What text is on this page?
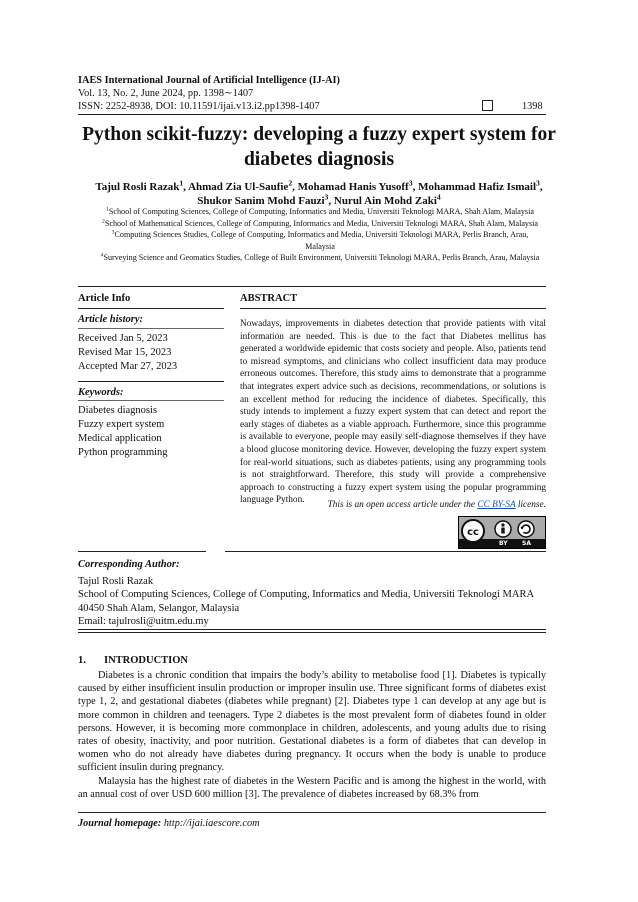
IAES International Journal of Artificial Intelligence (IJ-AI)
Vol. 13, No. 2, June 2024, pp. 1398∼1407
ISSN: 2252-8938, DOI: 10.11591/ijai.v13.i2.pp1398-1407	1398
Python scikit-fuzzy: developing a fuzzy expert system for diabetes diagnosis
Tajul Rosli Razak$^1$, Ahmad Zia Ul-Saufie$^2$, Mohamad Hanis Yusoff$^3$, Mohammad Hafiz Ismail$^3$,
Shukor Sanim Mohd Fauzi$^3$, Nurul Ain Mohd Zaki$^4$
$^1$School of Computing Sciences, College of Computing, Informatics and Media, Universiti Teknologi MARA, Shah Alam, Malaysia
$^2$School of Mathematical Sciences, College of Computing, Informatics and Media, Universiti Teknologi MARA, Shah Alam, Malaysia
$^3$Computing Sciences Studies, College of Computing, Informatics and Media, Universiti Teknologi MARA, Perlis Branch, Arau, Malaysia
$^4$Surveying Science and Geomatics Studies, College of Built Environment, Universiti Teknologi MARA, Perlis Branch, Arau, Malaysia
Article Info	ABSTRACT
Article history:
Received Jan 5, 2023
Revised Mar 15, 2023
Accepted Mar 27, 2023
Keywords:
Diabetes diagnosis
Fuzzy expert system
Medical application
Python programming
Nowadays, improvements in diabetes detection that provide patients with vital information are needed. This is due to the fact that Diabetes mellitus has generated a worldwide epidemic that costs society and people. Also, patients tend to misread symptoms, and clinicians who collect insufficient data may produce erroneous outcomes. Therefore, this study aims to demonstrate that a programme that integrates expert advice such as decisions, recommendations, or solutions is an excellent method for reducing the incidence of diabetes. Specifically, this study intends to implement a fuzzy expert system that can detect and report the early stages of diabetes as a viable approach. Furthermore, since this programme is available to everyone, people may easily self-diagnose themselves if they have a blood glucose monitoring device. However, developing the fuzzy expert system for real-world situations, such as diabetes patients, using any programming tools is not straightforward. Therefore, this study will provide a comprehensive approach to constructing a fuzzy expert system using the popular programming language Python.	This is an open access article under the CC BY-SA license.
cc
BY SA
Corresponding Author:
Tajul Rosli Razak
School of Computing Sciences, College of Computing, Informatics and Media, Universiti Teknologi MARA
40450 Shah Alam, Selangor, Malaysia
Email: tajulrosli@uitm.edu.my
1. INTRODUCTION

Diabetes is a chronic condition that impairs the body’s ability to metabolise food [1]. Diabetes is typically caused by either insufficient insulin production or improper insulin use. Three significant forms of diabetes exist type 1, 2, and gestational diabetes (diabetes while pregnant) [2]. Diabetes type 1 can develop at any age but is more common in children and teenagers. Type 2 diabetes is the most prevalent form of diabetes found in older persons. However, it is becoming more commonplace in children, adolescents, and young adults due to rising rates of obesity, inactivity, and poor nutrition. Gestational diabetes is a form of diabetes that can develop in women who do not already have diabetes during pregnancy. It occurs when the body is unable to produce sufficient insulin during pregnancy.

Malaysia has the highest rate of diabetes in the Western Pacific and is among the highest in the world, with an annual cost of over USD 600 million [3]. The prevalence of diabetes increased by 68.3% from

Journal homepage: http://ijai.iaescore.com
